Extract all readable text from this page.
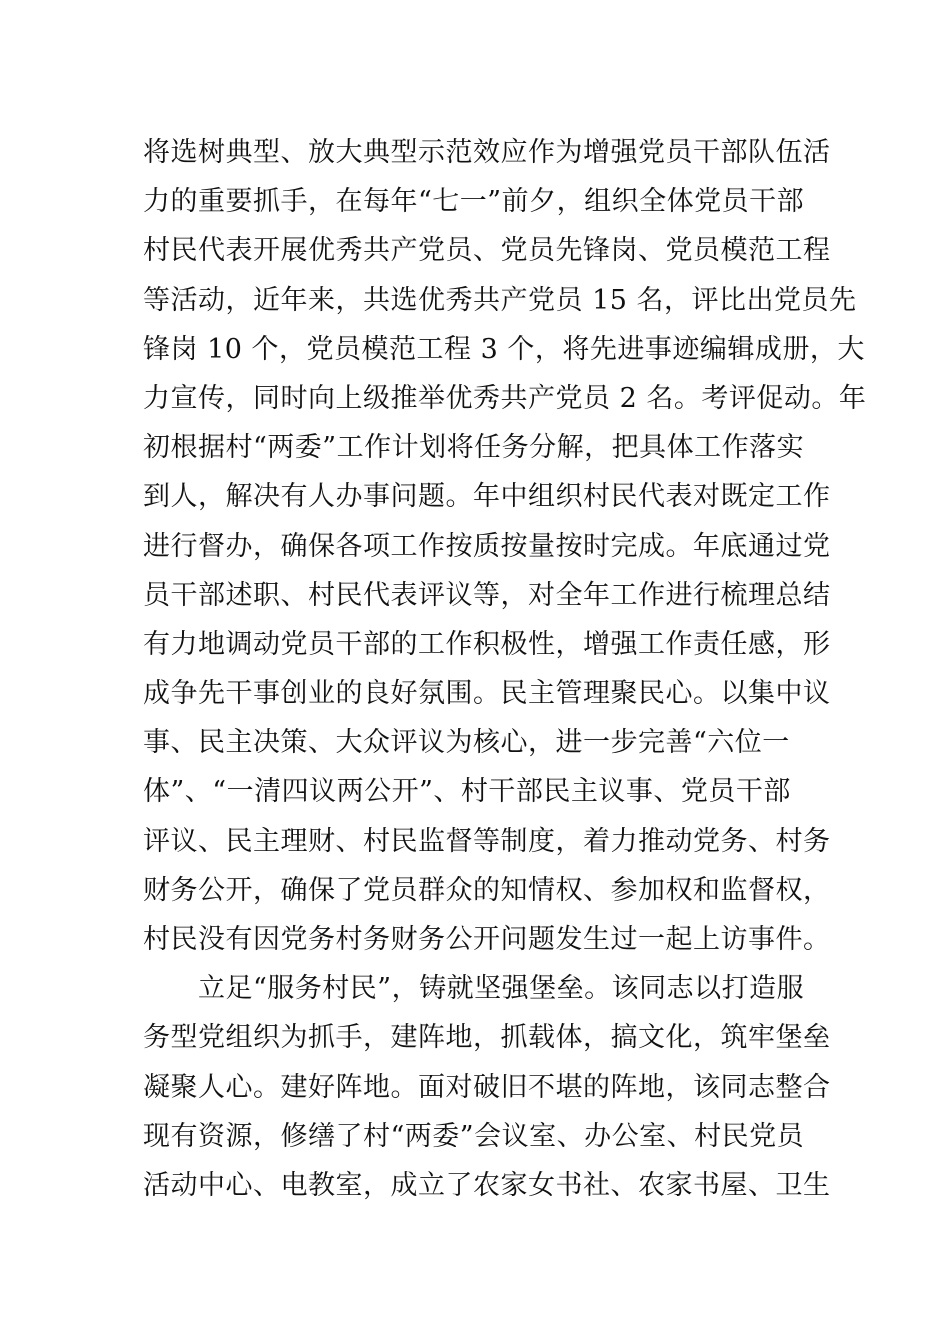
将选树典型、放大典型示范效应作为增强党员干部队伍活
力的重要抓手，在每年“七一”前夕，组织全体党员干部
村民代表开展优秀共产党员、党员先锋岗、党员模范工程
等活动，近年来，共选优秀共产党员 15 名，评比出党员先
锋岗 10 个，党员模范工程 3 个，将先进事迹编辑成册，大
力宣传，同时向上级推举优秀共产党员 2 名。考评促动。年
初根据村“两委”工作计划将任务分解，把具体工作落实
到人，解决有人办事问题。年中组织村民代表对既定工作
进行督办，确保各项工作按质按量按时完成。年底通过党
员干部述职、村民代表评议等，对全年工作进行梳理总结
有力地调动党员干部的工作积极性，增强工作责任感，形
成争先干事创业的良好氛围。民主管理聚民心。以集中议
事、民主决策、大众评议为核心，进一步完善“六位一
体”、“一清四议两公开”、村干部民主议事、党员干部
评议、民主理财、村民监督等制度，着力推动党务、村务
财务公开，确保了党员群众的知情权、参加权和监督权，
村民没有因党务村务财务公开问题发生过一起上访事件。
　　立足“服务村民”，铸就坚强堡垒。该同志以打造服
务型党组织为抓手，建阵地，抓载体，搞文化，筑牢堡垒
凝聚人心。建好阵地。面对破旧不堪的阵地，该同志整合
现有资源，修缮了村“两委”会议室、办公室、村民党员
活动中心、电教室，成立了农家女书社、农家书屋、卫生
